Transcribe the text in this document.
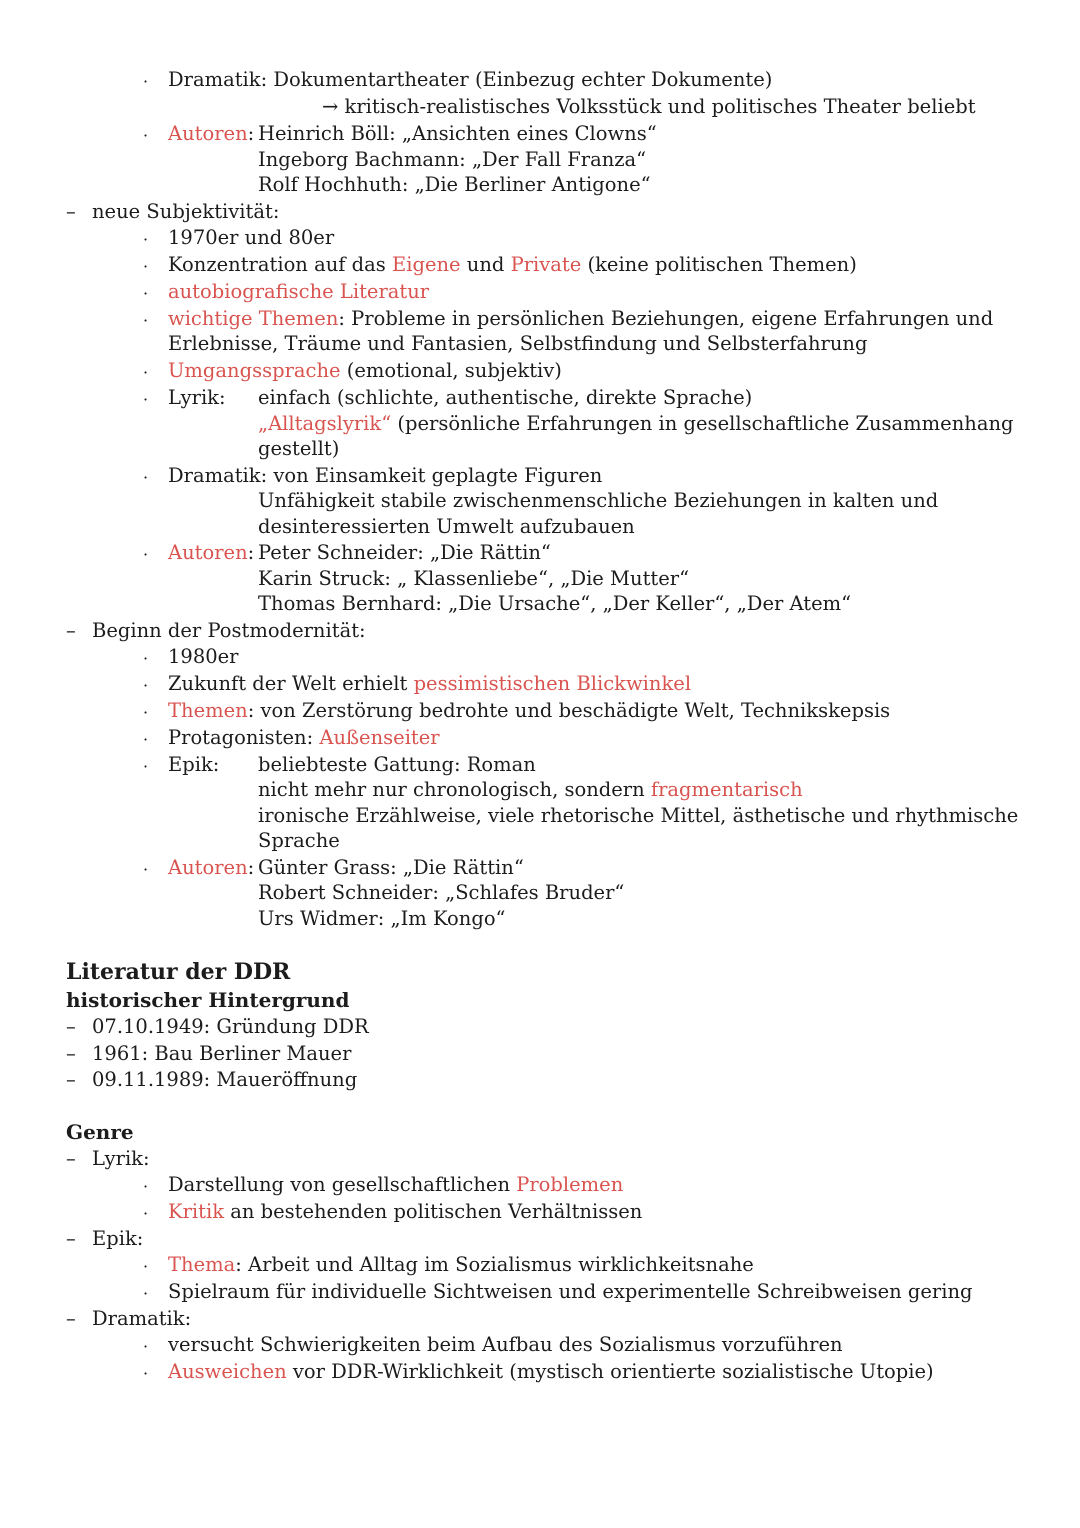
· Dramatik: Dokumentartheater (Einbezug echter Dokumente)
→ kritisch-realistisches Volksstück und politisches Theater beliebt
· Autoren: Heinrich Böll: „Ansichten eines Clowns“
Ingeborg Bachmann: „Der Fall Franza“
Rolf Hochhuth: „Die Berliner Antigone“
– neue Subjektivität:
· 1970er und 80er
· Konzentration auf das Eigene und Private (keine politischen Themen)
· autobiografische Literatur
· wichtige Themen: Probleme in persönlichen Beziehungen, eigene Erfahrungen und
Erlebnisse, Träume und Fantasien, Selbstfindung und Selbsterfahrung
· Umgangssprache (emotional, subjektiv)
· Lyrik: einfach (schlichte, authentische, direkte Sprache)
„Alltagslyrik“ (persönliche Erfahrungen in gesellschaftliche Zusammenhang
gestellt)
· Dramatik: von Einsamkeit geplagte Figuren
Unfähigkeit stabile zwischenmenschliche Beziehungen in kalten und
desinteressierten Umwelt aufzubauen
· Autoren: Peter Schneider: „Die Rättin“
Karin Struck: „ Klassenliebe“, „Die Mutter“
Thomas Bernhard: „Die Ursache“, „Der Keller“, „Der Atem“
– Beginn der Postmodernität:
· 1980er
· Zukunft der Welt erhielt pessimistischen Blickwinkel
· Themen: von Zerstörung bedrohte und beschädigte Welt, Technikskepsis
· Protagonisten: Außenseiter
· Epik: beliebteste Gattung: Roman
nicht mehr nur chronologisch, sondern fragmentarisch
ironische Erzählweise, viele rhetorische Mittel, ästhetische und rhythmische
Sprache
· Autoren: Günter Grass: „Die Rättin“
Robert Schneider: „Schlafes Bruder“
Urs Widmer: „Im Kongo“
Literatur der DDR
historischer Hintergrund
– 07.10.1949: Gründung DDR
– 1961: Bau Berliner Mauer
– 09.11.1989: Maueröffnung
Genre
– Lyrik:
· Darstellung von gesellschaftlichen Problemen
· Kritik an bestehenden politischen Verhältnissen
– Epik:
· Thema: Arbeit und Alltag im Sozialismus wirklichkeitsnahe
· Spielraum für individuelle Sichtweisen und experimentelle Schreibweisen gering
– Dramatik:
· versucht Schwierigkeiten beim Aufbau des Sozialismus vorzuführen
· Ausweichen vor DDR-Wirklichkeit (mystisch orientierte sozialistische Utopie)
